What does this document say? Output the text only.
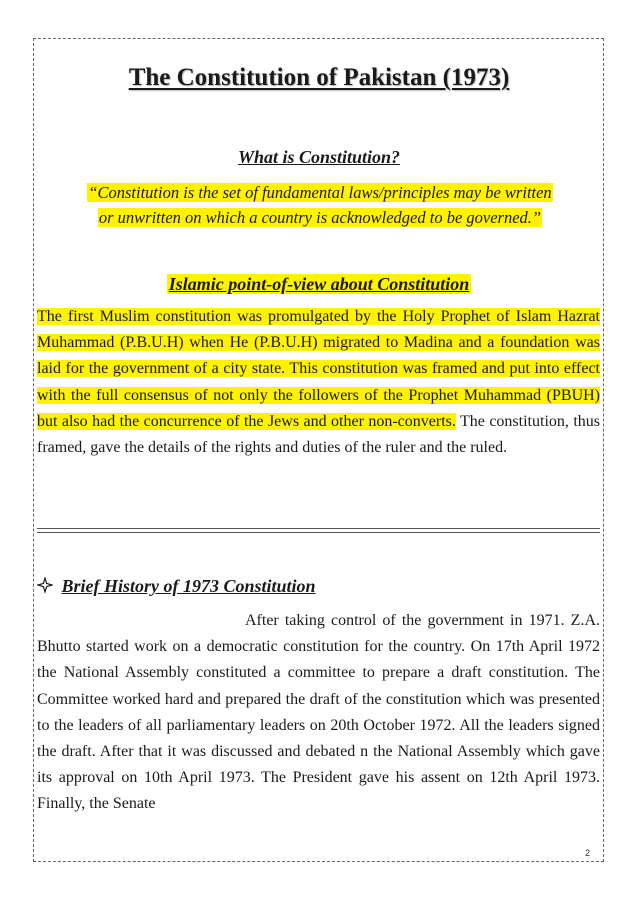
The Constitution of Pakistan (1973)
What is Constitution?
“Constitution is the set of fundamental laws/principles may be written
or unwritten on which a country is acknowledged to be governed.”
Islamic point-of-view about Constitution
The first Muslim constitution was promulgated by the Holy Prophet of Islam Hazrat Muhammad (P.B.U.H) when He (P.B.U.H) migrated to Madina and a foundation was laid for the government of a city state. This constitution was framed and put into effect with the full consensus of not only the followers of the Prophet Muhammad (PBUH) but also had the concurrence of the Jews and other non-converts. The constitution, thus framed, gave the details of the rights and duties of the ruler and the ruled.
Brief History of 1973 Constitution
After taking control of the government in 1971. Z.A. Bhutto started work on a democratic constitution for the country. On 17th April 1972 the National Assembly constituted a committee to prepare a draft constitution. The Committee worked hard and prepared the draft of the constitution which was presented to the leaders of all parliamentary leaders on 20th October 1972. All the leaders signed the draft. After that it was discussed and debated n the National Assembly which gave its approval on 10th April 1973. The President gave his assent on 12th April 1973. Finally, the Senate
2
